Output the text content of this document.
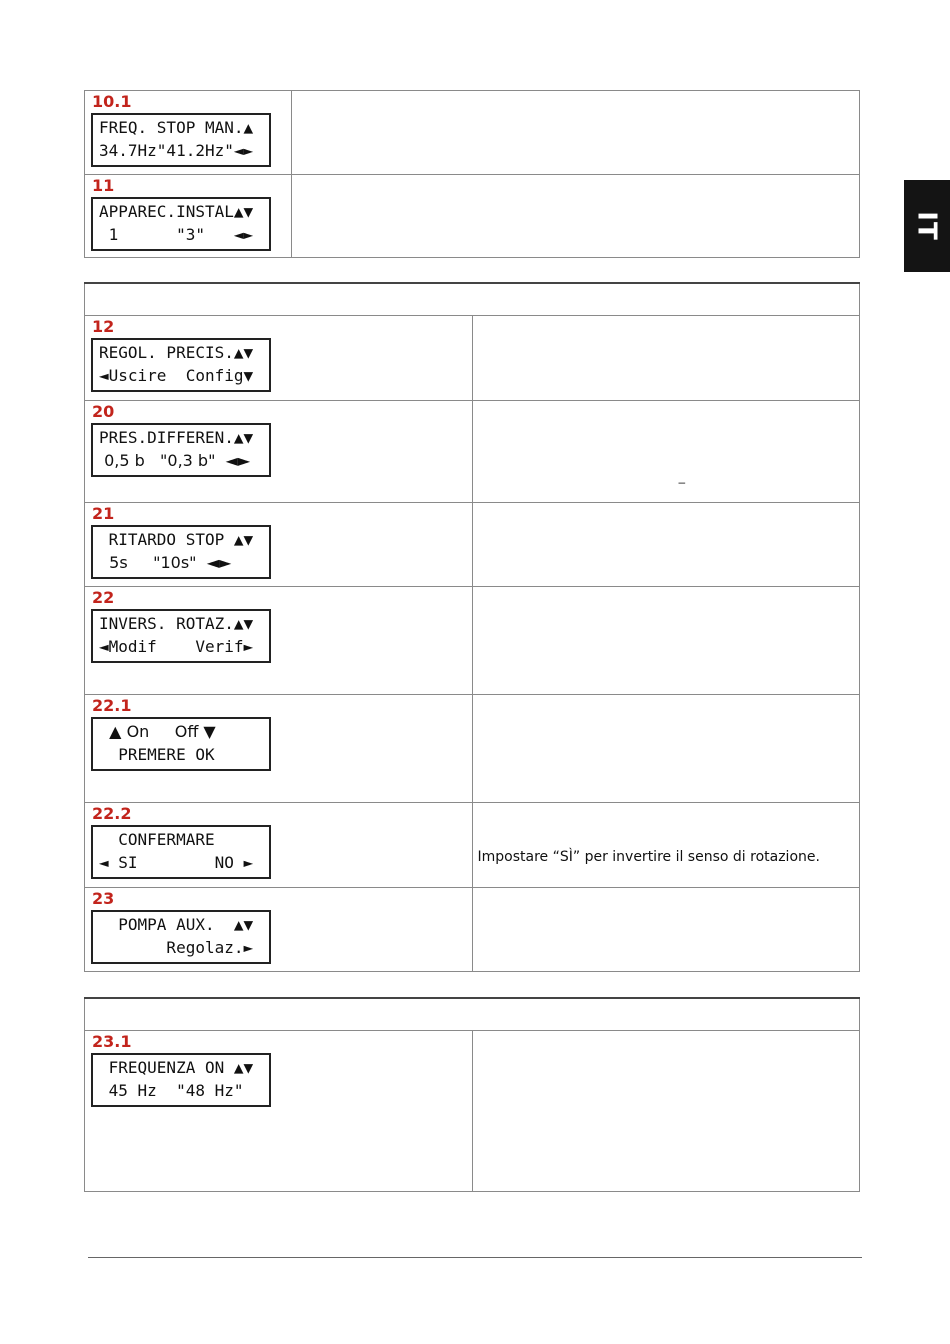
IT
10.1
FREQ. STOP MAN.▲
34.7Hz"41.2Hz"◄►	

11
APPAREC.INSTAL▲▼
1      "3"   ◄►	

12
REGOL. PRECIS.▲▼
◄Uscire  Config▼	

20
PRES.DIFFEREN.▲▼
0,5 b   "0,3 b"  ◄►	–

21
RITARDO STOP ▲▼
5s     "10s"  ◄►	

22
INVERS. ROTAZ.▲▼
◄Modif    Verif►	

22.1
▲ On     Off ▼
PREMERE OK	

22.2
CONFERMARE
◄ SI        NO ►	Impostare “SÌ” per invertire il senso di rotazione.

23
POMPA AUX.  ▲▼
Regolaz.►	

23.1
FREQUENZA ON ▲▼
45 Hz  "48 Hz"
